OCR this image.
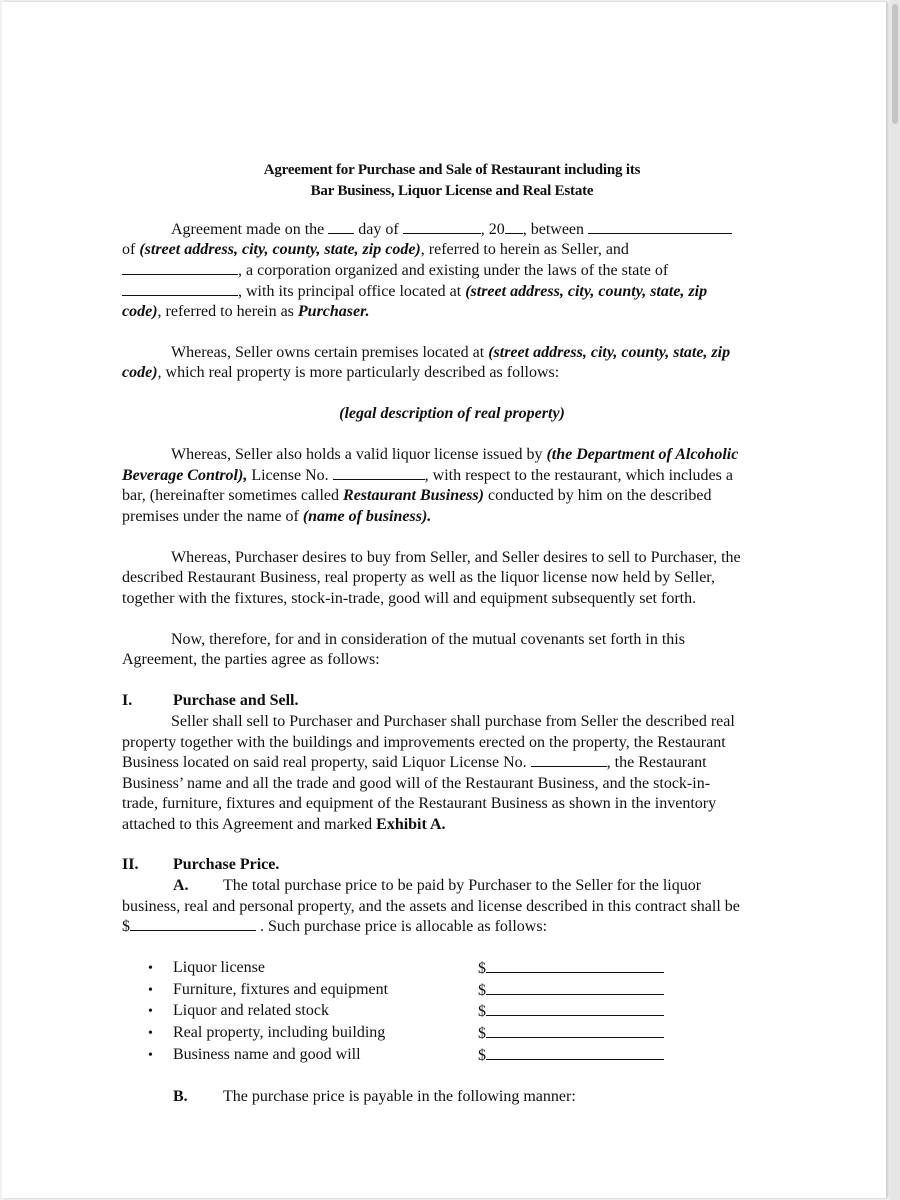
Agreement for Purchase and Sale of Restaurant including its
Bar Business, Liquor License and Real Estate
Agreement made on the day of	, 20 , between
of (street address, city, county, state, zip code), referred to herein as Seller, and
, a corporation organized and existing under the laws of the state of
, with its principal office located at (street address, city, county, state, zip
code), referred to herein as Purchaser.
Whereas, Seller owns certain premises located at (street address, city, county, state, zip
code), which real property is more particularly described as follows:
(legal description of real property)
Whereas, Seller also holds a valid liquor license issued by (the Department of Alcoholic
Beverage Control), License No.	, with respect to the restaurant, which includes a
bar, (hereinafter sometimes called Restaurant Business) conducted by him on the described
premises under the name of (name of business).
Whereas, Purchaser desires to buy from Seller, and Seller desires to sell to Purchaser, the
described Restaurant Business, real property as well as the liquor license now held by Seller,
together with the fixtures, stock-in-trade, good will and equipment subsequently set forth.
Now, therefore, for and in consideration of the mutual covenants set forth in this
Agreement, the parties agree as follows:
I.	Purchase and Sell.
Seller shall sell to Purchaser and Purchaser shall purchase from Seller the described real
property together with the buildings and improvements erected on the property, the Restaurant
Business located on said real property, said Liquor License No.	, the Restaurant
Business’ name and all the trade and good will of the Restaurant Business, and the stock-in-
trade, furniture, fixtures and equipment of the Restaurant Business as shown in the inventory
attached to this Agreement and marked Exhibit A.
II. Purchase Price.
A. The total purchase price to be paid by Purchaser to the Seller for the liquor
business, real and personal property, and the assets and license described in this contract shall be
$	. Such purchase price is allocable as follows:
• Liquor license	$
• Furniture, fixtures and equipment	$
• Liquor and related stock	$
• Real property, including building	$
• Business name and good will	$
B. The purchase price is payable in the following manner:
